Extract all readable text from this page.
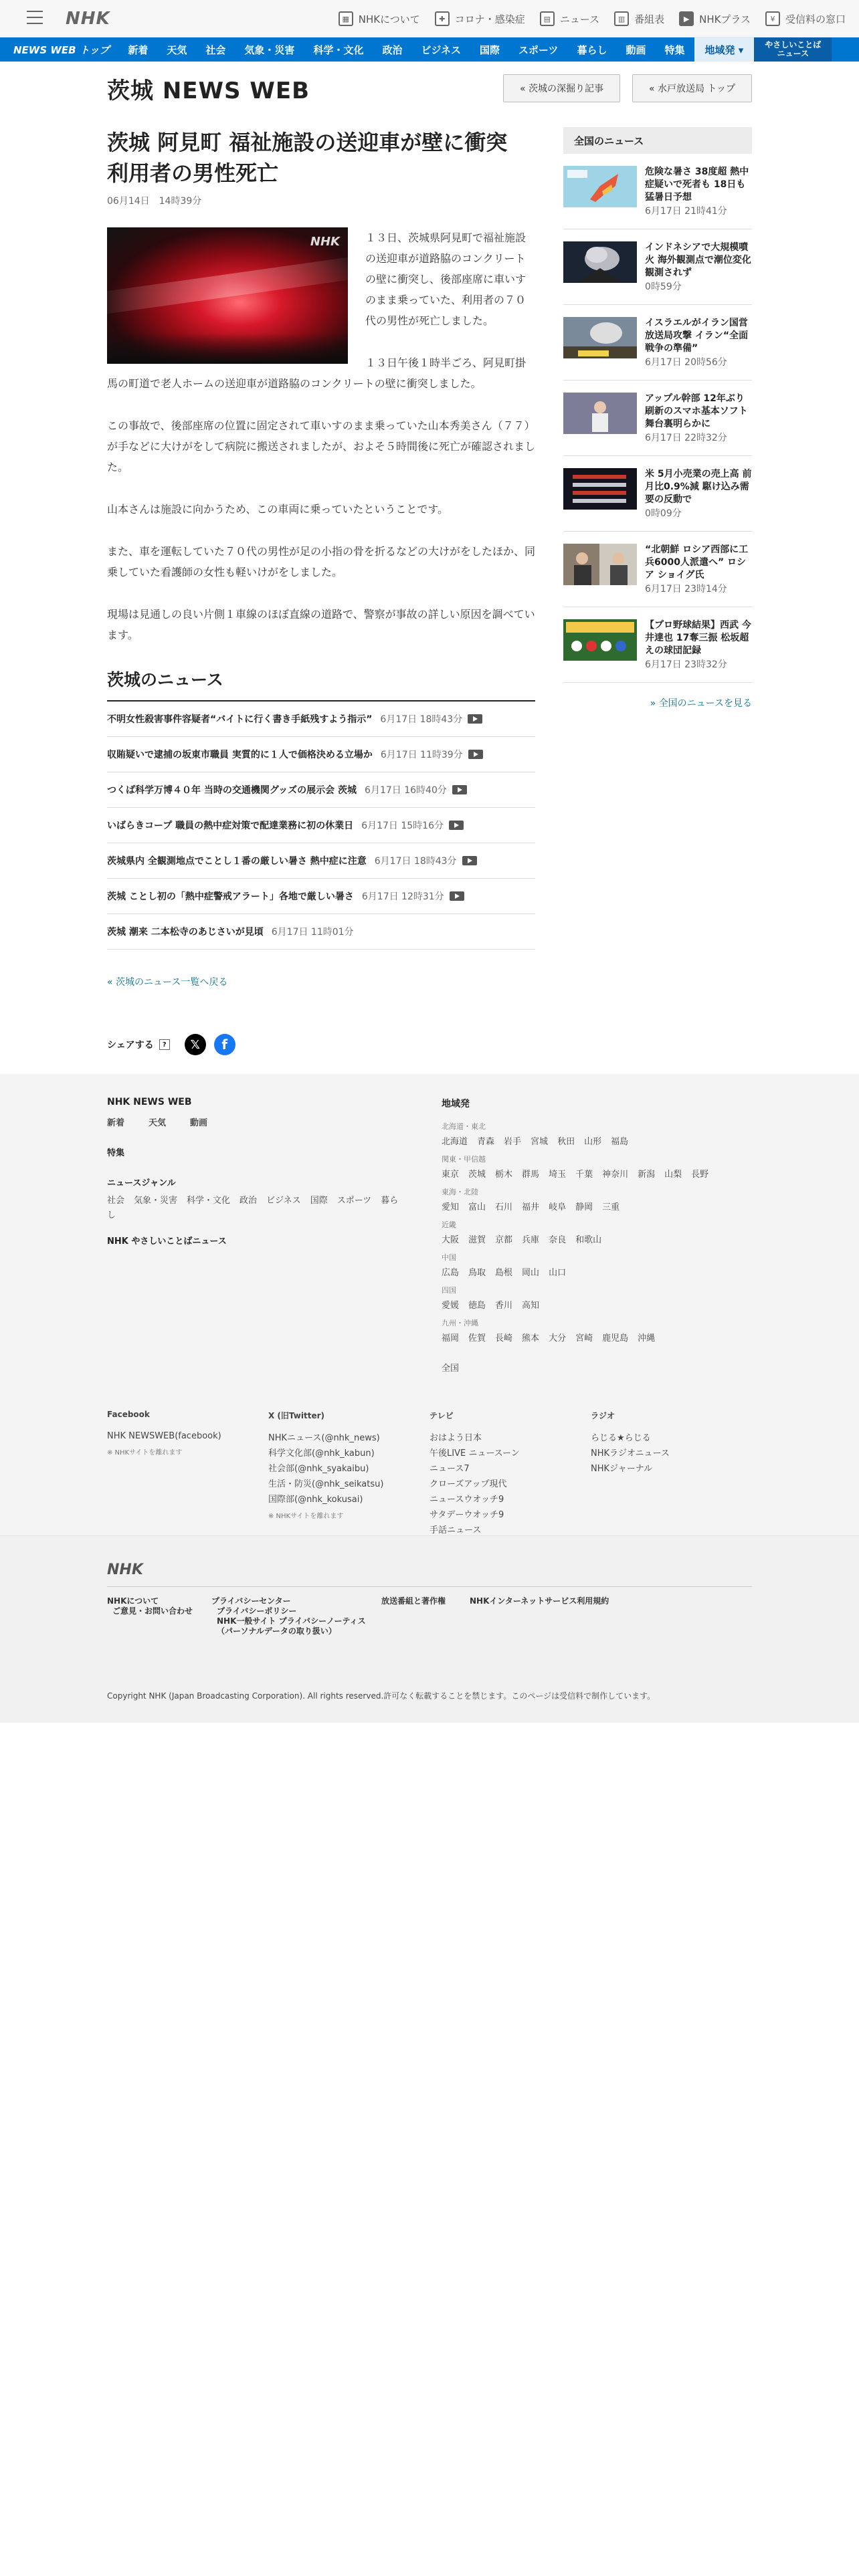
NHK	▦ NHKについて	✚ コロナ・感染症	▤ ニュース	▥ 番組表	▶ NHKプラス	¥	受信料の窓口
NEWS WEB トップ	新着	天気	社会	気象・災害	科学・文化	政治	ビジネス	国際	スポーツ	暮らし	動画	特集	地域発 ▾	やさしいことば
ニュース
茨城 NEWS WEB	« 茨城の深掘り記事	« 水戸放送局 トップ
茨城 阿見町 福祉施設の送迎車が壁に衝突 利用者の男性死亡
06月14日　14時39分
NHK	１３日、茨城県阿見町で福祉施設の送迎車が道路脇のコンクリートの壁に衝突し、後部座席に車いすのまま乗っていた、利用者の７０代の男性が死亡しました。

１３日午後１時半ごろ、阿見町掛馬の町道で老人ホームの送迎車が道路脇のコンクリートの壁に衝突しました。

この事故で、後部座席の位置に固定されて車いすのまま乗っていた山本秀美さん（７７）が手などに大けがをして病院に搬送されましたが、およそ５時間後に死亡が確認されました。

山本さんは施設に向かうため、この車両に乗っていたということです。

また、車を運転していた７０代の男性が足の小指の骨を折るなどの大けがをしたほか、同乗していた看護師の女性も軽いけがをしました。

現場は見通しの良い片側１車線のほぼ直線の道路で、警察が事故の詳しい原因を調べています。

茨城のニュース
不明女性殺害事件容疑者“バイトに行く書き手紙残すよう指示” 6月17日 18時43分
収賄疑いで逮捕の坂東市職員 実質的に１人で価格決める立場か 6月17日 11時39分
つくば科学万博４０年 当時の交通機関グッズの展示会 茨城 6月17日 16時40分
いばらきコープ 職員の熱中症対策で配達業務に初の休業日 6月17日 15時16分
茨城県内 全観測地点でことし１番の厳しい暑さ 熱中症に注意 6月17日 18時43分
茨城 ことし初の「熱中症警戒アラート」各地で厳しい暑さ 6月17日 12時31分
茨城 潮来 二本松寺のあじさいが見頃 6月17日 11時01分
« 茨城のニュース一覧へ戻る
シェアする	?	𝕏	f
全国のニュース
危険な暑さ 38度超 熱中症疑いで死者も 18日も猛暑日予想
6月17日 21時41分
インドネシアで大規模噴火 海外観測点で潮位変化観測されず
0時59分
イスラエルがイラン国営放送局攻撃 イラン“全面戦争の準備”
6月17日 20時56分
アップル幹部 12年ぶり刷新のスマホ基本ソフト 舞台裏明らかに
6月17日 22時32分
米 5月小売業の売上高 前月比0.9%減 駆け込み需要の反動で
0時09分
“北朝鮮 ロシア西部に工兵6000人派遣へ” ロシア ショイグ氏
6月17日 23時14分
【プロ野球結果】西武 今井達也 17奪三振 松坂超えの球団記録
6月17日 23時32分
» 全国のニュースを見る
NHK NEWS WEB
新着	天気	動画
特集
ニュースジャンル
社会 気象・災害 科学・文化 政治 ビジネス 国際 スポーツ 暮らし
NHK やさしいことばニュース
地域発
北海道・東北
北海道 青森 岩手 宮城 秋田 山形 福島
関東・甲信越
東京 茨城 栃木 群馬 埼玉 千葉 神奈川 新潟 山梨 長野
東海・北陸
愛知 富山 石川 福井 岐阜 静岡 三重
近畿
大阪 滋賀 京都 兵庫 奈良 和歌山
中国
広島 鳥取 島根 岡山 山口
四国
愛媛 徳島 香川 高知
九州・沖縄
福岡 佐賀 長崎 熊本 大分 宮崎 鹿児島 沖縄
全国
Facebook
NHK NEWSWEB(facebook)
※ NHKサイトを離れます
X (旧Twitter)
NHKニュース(@nhk_news)
科学文化部(@nhk_kabun)
社会部(@nhk_syakaibu)
生活・防災(@nhk_seikatsu)
国際部(@nhk_kokusai)
※ NHKサイトを離れます
テレビ
おはよう日本
午後LIVE ニュースーン
ニュース7
クローズアップ現代
ニュースウオッチ9
サタデーウオッチ9
手話ニュース
ラジオ
らじる★らじる
NHKラジオニュース
NHKジャーナル
NHK
NHKについて
ご意見・お問い合わせ
プライバシーセンター
プライバシーポリシー
NHK一般サイト プライバシーノーティス
（パーソナルデータの取り扱い）
放送番組と著作権	NHKインターネットサービス利用規約
Copyright NHK (Japan Broadcasting Corporation). All rights reserved.許可なく転載することを禁じます。このページは受信料で制作しています。
